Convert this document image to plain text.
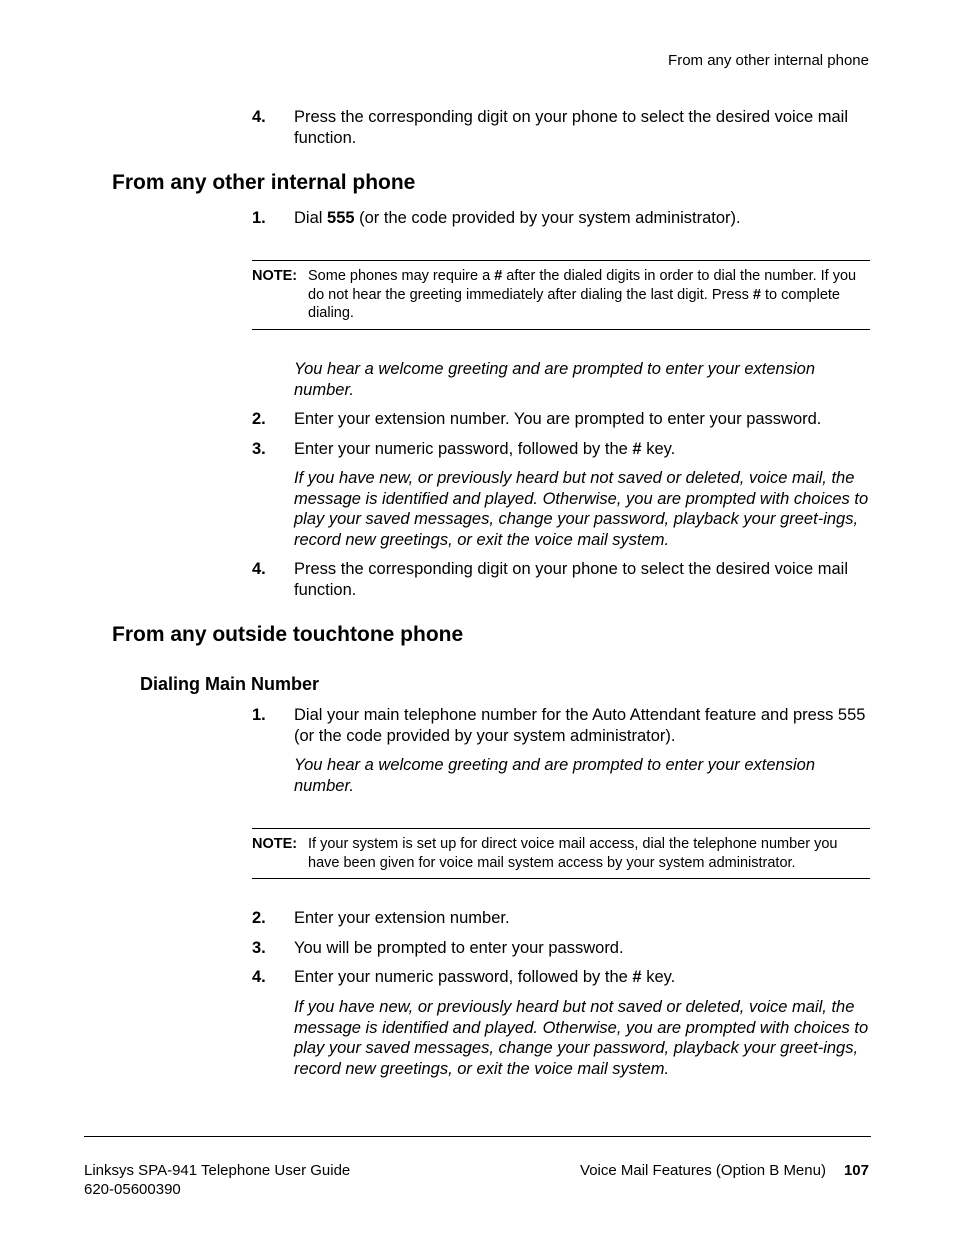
From any other internal phone
4. Press the corresponding digit on your phone to select the desired voice mail function.
From any other internal phone
1. Dial 555 (or the code provided by your system administrator).
NOTE: Some phones may require a # after the dialed digits in order to dial the number. If you do not hear the greeting immediately after dialing the last digit. Press # to complete dialing.
You hear a welcome greeting and are prompted to enter your extension number.
2. Enter your extension number. You are prompted to enter your password.
3. Enter your numeric password, followed by the # key.
If you have new, or previously heard but not saved or deleted, voice mail, the message is identified and played. Otherwise, you are prompted with choices to play your saved messages, change your password, playback your greet-ings, record new greetings, or exit the voice mail system.
4. Press the corresponding digit on your phone to select the desired voice mail function.
From any outside touchtone phone
Dialing Main Number
1. Dial your main telephone number for the Auto Attendant feature and press 555 (or the code provided by your system administrator).
You hear a welcome greeting and are prompted to enter your extension number.
NOTE: If your system is set up for direct voice mail access, dial the telephone number you have been given for voice mail system access by your system administrator.
2. Enter your extension number.
3. You will be prompted to enter your password.
4. Enter your numeric password, followed by the # key.
If you have new, or previously heard but not saved or deleted, voice mail, the message is identified and played. Otherwise, you are prompted with choices to play your saved messages, change your password, playback your greet-ings, record new greetings, or exit the voice mail system.
Linksys SPA-941 Telephone User Guide
620-05600390
Voice Mail Features (Option B Menu) 107
